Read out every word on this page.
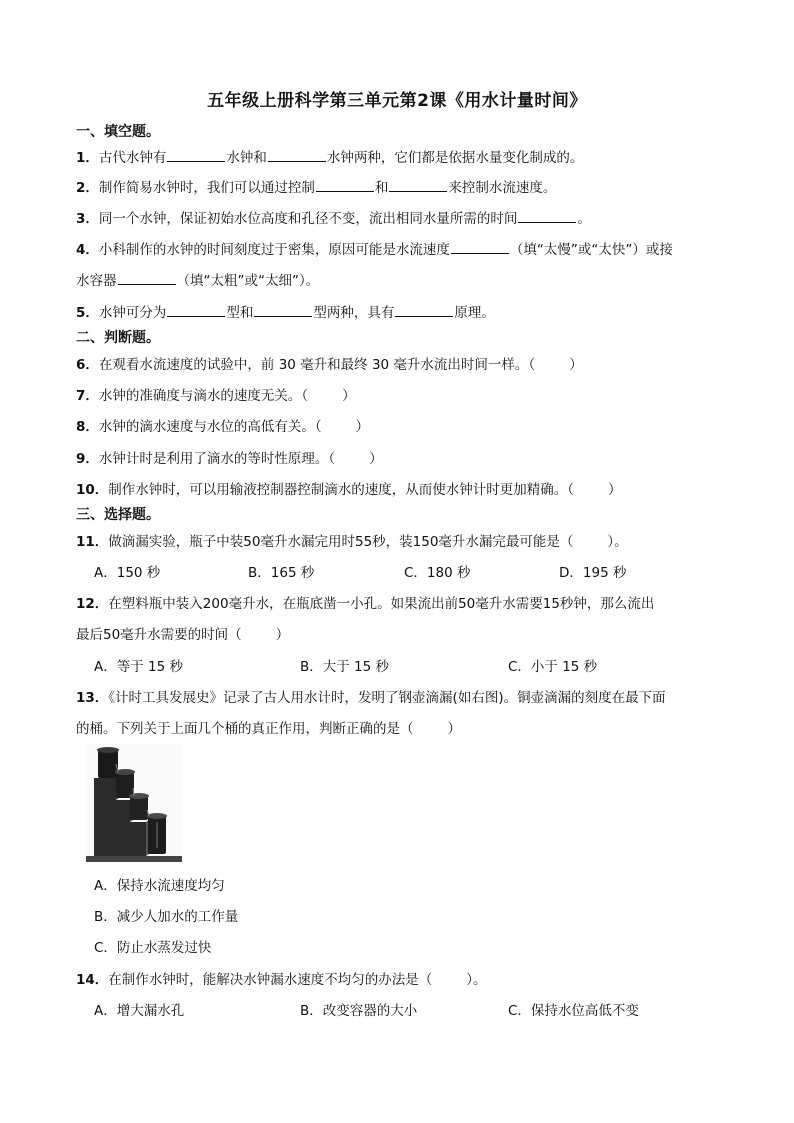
五年级上册科学第三单元第2课《用水计量时间》
一、填空题。
1．古代水钟有	水钟和	水钟两种，它们都是依据水量变化制成的。
2．制作简易水钟时，我们可以通过控制	和	来控制水流速度。
3．同一个水钟，保证初始水位高度和孔径不变，流出相同水量所需的时间	。
4．小科制作的水钟的时间刻度过于密集，原因可能是水流速度	（填“太慢”或“太快”）或接
水容器	（填“太粗”或“太细”）。
5．水钟可分为	型和	型两种，具有	原理。
二、判断题。
6．在观看水流速度的试验中，前 30 毫升和最终 30 毫升水流出时间一样。（	）
7．水钟的准确度与滴水的速度无关。（	）
8．水钟的滴水速度与水位的高低有关。（	）
9．水钟计时是利用了滴水的等时性原理。（	）
10．制作水钟时，可以用输液控制器控制滴水的速度，从而使水钟计时更加精确。（	）
三、选择题。
11．做滴漏实验，瓶子中装50毫升水漏完用时55秒，装150毫升水漏完最可能是（	）。
A．150 秒	B．165 秒	C．180 秒	D．195 秒
12．在塑料瓶中装入200毫升水，在瓶底凿一小孔。如果流出前50毫升水需要15秒钟，那么流出
最后50毫升水需要的时间（	）
A．等于 15 秒	B．大于 15 秒	C．小于 15 秒
13．《计时工具发展史》记录了古人用水计时，发明了钢壶滴漏(如右图)。铜壶滴漏的刻度在最下面
的桶。下列关于上面几个桶的真正作用，判断正确的是（	）
A．保持水流速度均匀
B．减少人加水的工作量
C．防止水蒸发过快
14．在制作水钟时，能解决水钟漏水速度不均匀的办法是（	）。
A．增大漏水孔	B．改变容器的大小	C．保持水位高低不变
